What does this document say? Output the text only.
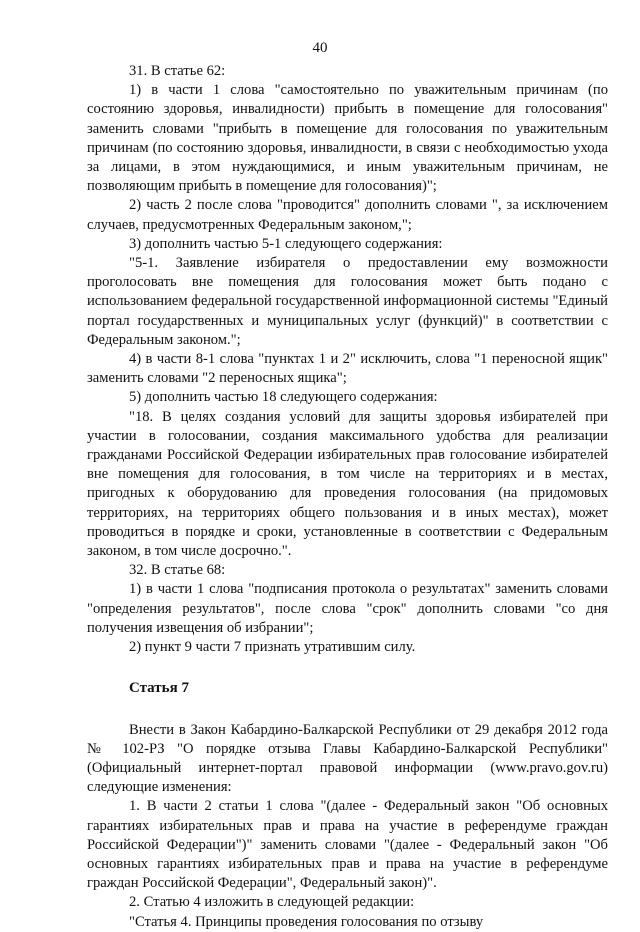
40

31. В статье 62:

1) в части 1 слова "самостоятельно по уважительным причинам (по состоянию здоровья, инвалидности) прибыть в помещение для голосования" заменить словами "прибыть в помещение для голосования по уважительным причинам (по состоянию здоровья, инвалидности, в связи с необходимостью ухода за лицами, в этом нуждающимися, и иным уважительным причинам, не позволяющим прибыть в помещение для голосования)";

2) часть 2 после слова "проводится" дополнить словами ", за исключением случаев, предусмотренных Федеральным законом,";

3) дополнить частью 5-1 следующего содержания:

"5-1. Заявление избирателя о предоставлении ему возможности проголосовать вне помещения для голосования может быть подано с использованием федеральной государственной информационной системы "Единый портал государственных и муниципальных услуг (функций)" в соответствии с Федеральным законом.";

4) в части 8-1 слова "пунктах 1 и 2" исключить, слова "1 переносной ящик" заменить словами "2 переносных ящика";

5) дополнить частью 18 следующего содержания:

"18. В целях создания условий для защиты здоровья избирателей при участии в голосовании, создания максимального удобства для реализации гражданами Российской Федерации избирательных прав голосование избирателей вне помещения для голосования, в том числе на территориях и в местах, пригодных к оборудованию для проведения голосования (на придомовых территориях, на территориях общего пользования и в иных местах), может проводиться в порядке и сроки, установленные в соответствии с Федеральным законом, в том числе досрочно.".

32. В статье 68:

1) в части 1 слова "подписания протокола о результатах" заменить словами "определения результатов", после слова "срок" дополнить словами "со дня получения извещения об избрании";

2) пункт 9 части 7 признать утратившим силу.

Статья 7

Внести в Закон Кабардино-Балкарской Республики от 29 декабря 2012 года № 102-РЗ "О порядке отзыва Главы Кабардино-Балкарской Республики" (Официальный интернет-портал правовой информации (www.pravo.gov.ru) следующие изменения:

1. В части 2 статьи 1 слова "(далее - Федеральный закон "Об основных гарантиях избирательных прав и права на участие в референдуме граждан Российской Федерации")" заменить словами "(далее - Федеральный закон "Об основных гарантиях избирательных прав и права на участие в референдуме граждан Российской Федерации", Федеральный закон)".

2. Статью 4 изложить в следующей редакции:

"Статья 4. Принципы проведения голосования по отзыву
